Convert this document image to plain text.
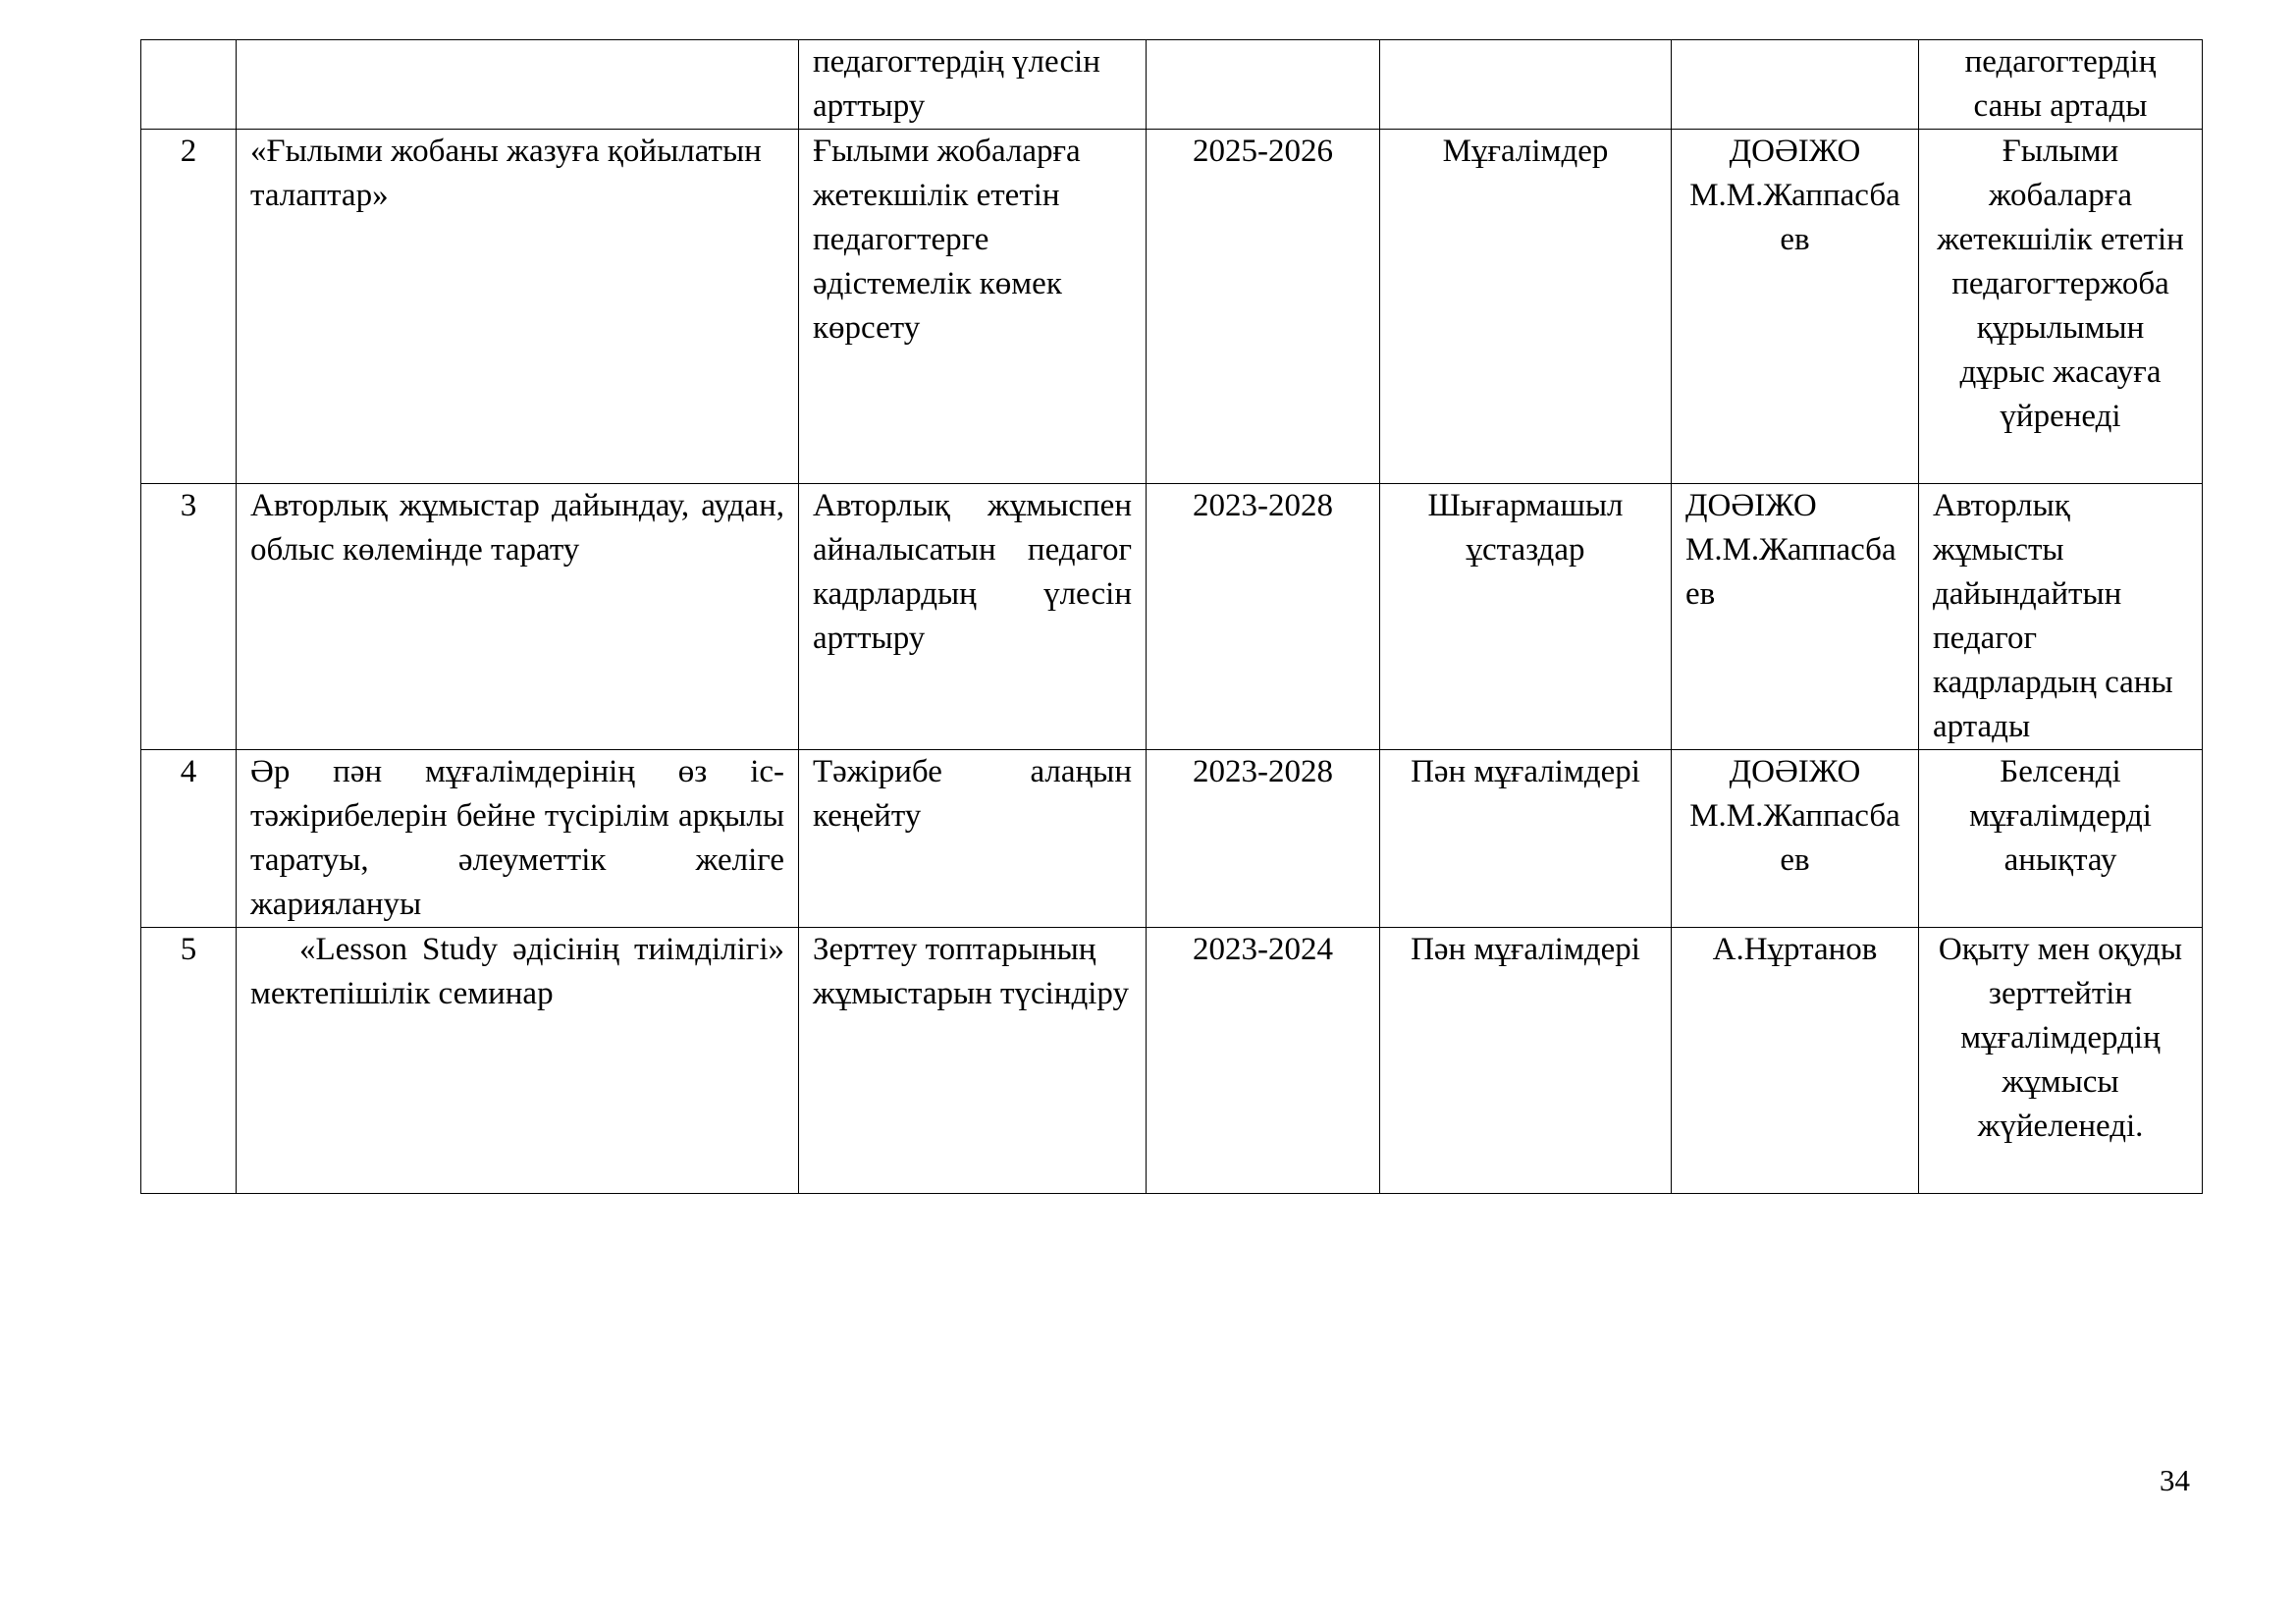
		педагогтердің үлесін арттыру				педагогтердің саны артады
2	«Ғылыми жобаны жазуға қойылатын талаптар»	Ғылыми жобаларға жетекшілік ететін педагогтерге әдістемелік көмек көрсету	2025-2026	Мұғалімдер	ДОӘІЖО М.М.Жаппасбаев	Ғылыми жобаларға жетекшілік ететін педагогтержоба құрылымын дұрыс жасауға үйренеді
3	Авторлық жұмыстар дайындау, аудан, облыс көлемінде тарату	Авторлық жұмыспен айналысатын педагог кадрлардың үлесін арттыру	2023-2028	Шығармашыл ұстаздар	ДОӘІЖО М.М.Жаппасбаев	Авторлық жұмысты дайындайтын педагог кадрлардың саны артады
4	Әр пән мұғалімдерінің өз іс-тәжірибелерін бейне түсірілім арқылы таратуы, әлеуметтік желіге жариялануы	Тәжірибе алаңын кеңейту	2023-2028	Пән мұғалімдері	ДОӘІЖО М.М.Жаппасбаев	Белсенді мұғалімдерді анықтау
5	«Lesson Study әдісінің тиімділігі» мектепішілік семинар	Зерттеу топтарының жұмыстарын түсіндіру	2023-2024	Пән мұғалімдері	А.Нұртанов	Оқыту мен оқуды зерттейтін мұғалімдердің жұмысы жүйеленеді.
34
